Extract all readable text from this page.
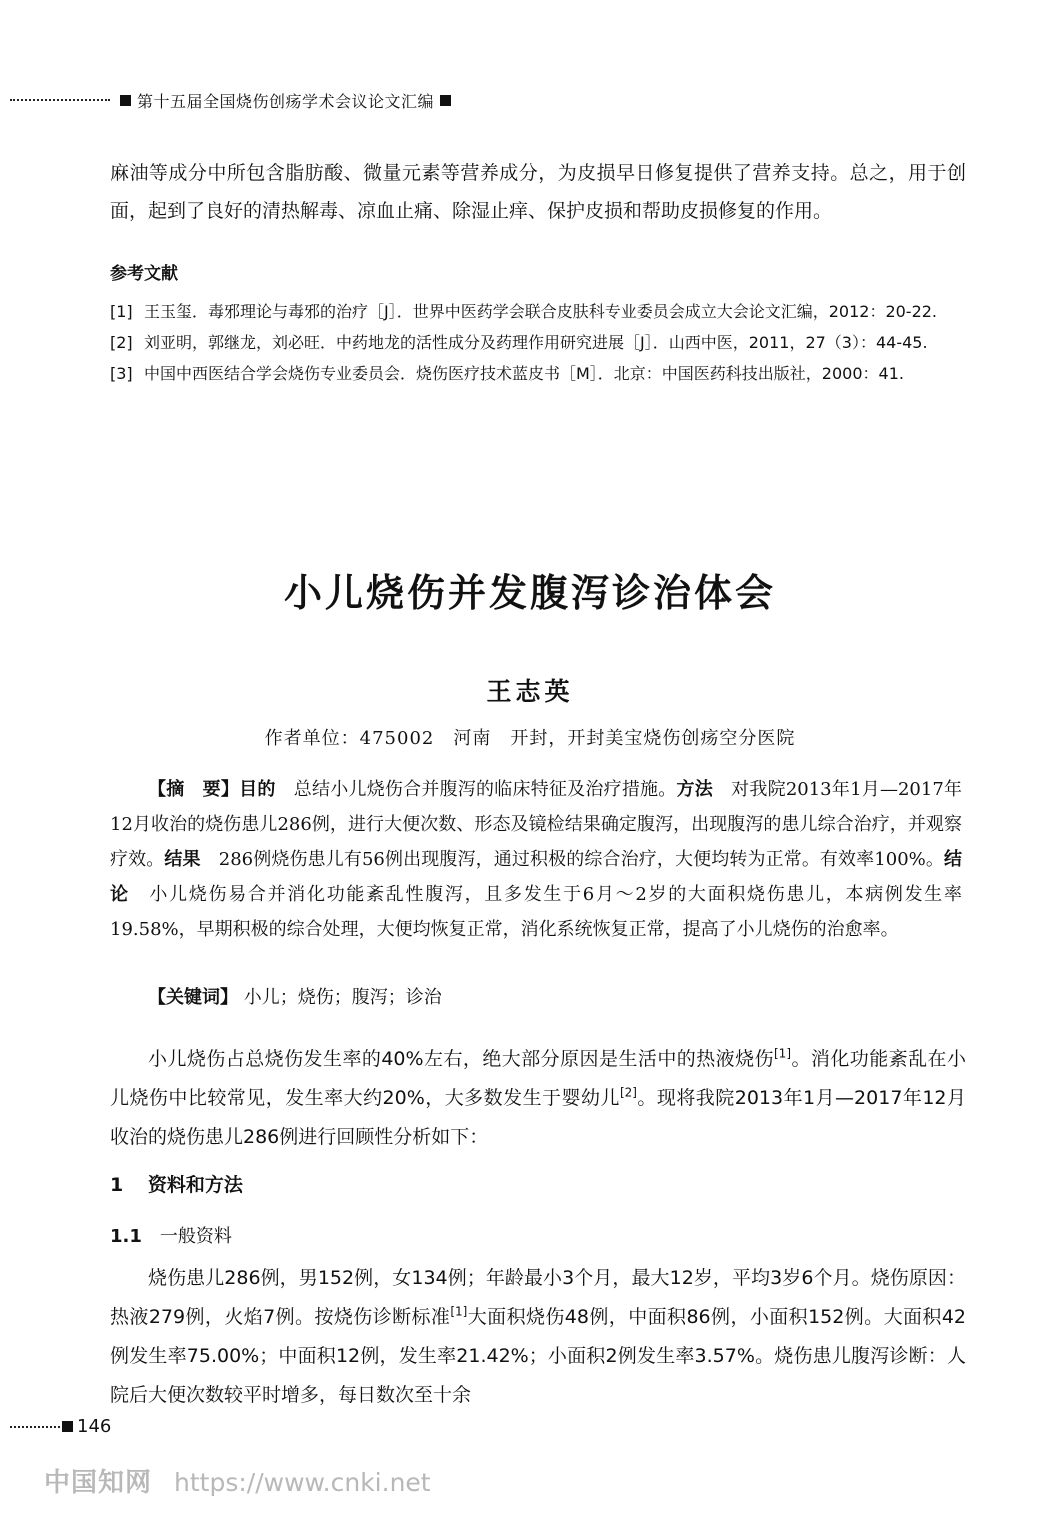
第十五届全国烧伤创疡学术会议论文汇编
麻油等成分中所包含脂肪酸、微量元素等营养成分，为皮损早日修复提供了营养支持。总之，用于创面，起到了良好的清热解毒、凉血止痛、除湿止痒、保护皮损和帮助皮损修复的作用。
参考文献
[1] 王玉玺．毒邪理论与毒邪的治疗［J］．世界中医药学会联合皮肤科专业委员会成立大会论文汇编，2012：20-22.
[2] 刘亚明，郭继龙，刘必旺．中药地龙的活性成分及药理作用研究进展［J］．山西中医，2011，27（3）：44-45.
[3] 中国中西医结合学会烧伤专业委员会．烧伤医疗技术蓝皮书［M］．北京：中国医药科技出版社，2000：41.
小儿烧伤并发腹泻诊治体会
王志英
作者单位：475002　河南　开封，开封美宝烧伤创疡空分医院
【摘　要】目的　总结小儿烧伤合并腹泻的临床特征及治疗措施。方法　对我院2013年1月—2017年12月收治的烧伤患儿286例，进行大便次数、形态及镜检结果确定腹泻，出现腹泻的患儿综合治疗，并观察疗效。结果　286例烧伤患儿有56例出现腹泻，通过积极的综合治疗，大便均转为正常。有效率100%。结论　小儿烧伤易合并消化功能紊乱性腹泻，且多发生于6月～2岁的大面积烧伤患儿，本病例发生率19.58%，早期积极的综合处理，大便均恢复正常，消化系统恢复正常，提高了小儿烧伤的治愈率。
【关键词】 小儿；烧伤；腹泻；诊治
小儿烧伤占总烧伤发生率的40%左右，绝大部分原因是生活中的热液烧伤[1]。消化功能紊乱在小儿烧伤中比较常见，发生率大约20%，大多数发生于婴幼儿[2]。现将我院2013年1月—2017年12月收治的烧伤患儿286例进行回顾性分析如下：
1 资料和方法
1.1 一般资料
烧伤患儿286例，男152例，女134例；年龄最小3个月，最大12岁，平均3岁6个月。烧伤原因：热液279例，火焰7例。按烧伤诊断标准[1]大面积烧伤48例，中面积86例，小面积152例。大面积42例发生率75.00%；中面积12例，发生率21.42%；小面积2例发生率3.57%。烧伤患儿腹泻诊断：人院后大便次数较平时增多，每日数次至十余
146
中国知网 https://www.cnki.net
